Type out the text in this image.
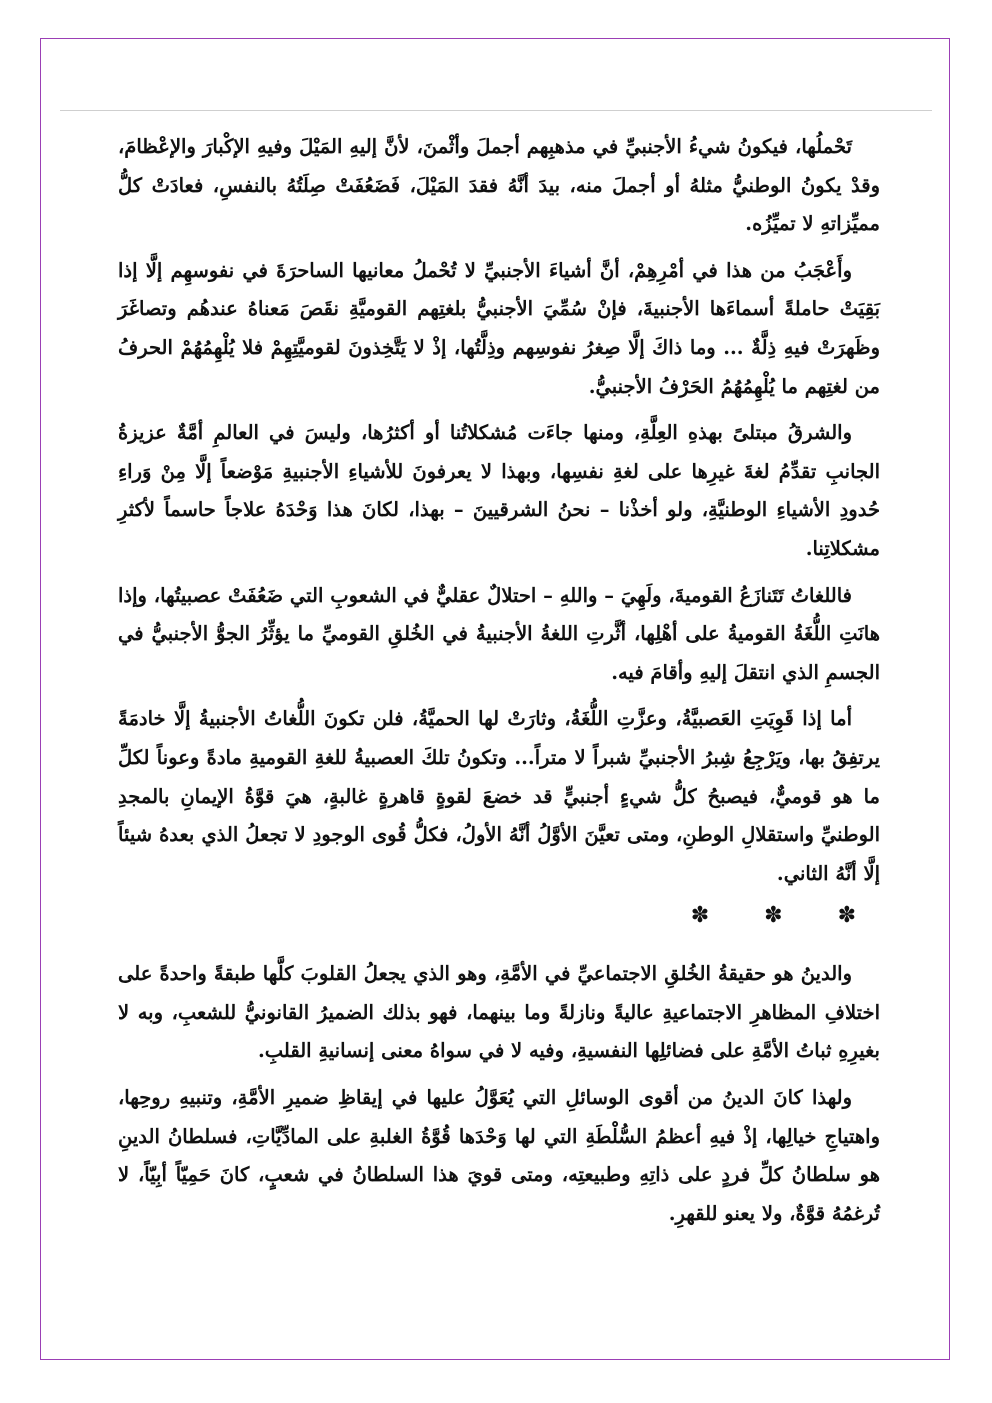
تَحْملُها، فيكونُ شيءُ الأجنبيِّ في مذهبِهم أجملَ وأثْمنَ، لأنَّ إليهِ المَيْلَ وفيهِ الإكْبارَ والإعْظامَ، وقدْ يكونُ الوطنيُّ مثلهُ أو أجملَ منه، بيدَ أنَّهُ فقدَ المَيْلَ، فَضَعُفَتْ صِلَتُهُ بالنفسِ، فعادَتْ كلُّ مميِّزاتهِ لا تميِّزُه.

وأَعْجَبُ من هذا في أمْرِهِمْ، أنَّ أشياءَ الأجنبيِّ لا تُحْملُ معانيها الساحرَةَ في نفوسهِم إلَّا إذا بَقِيَتْ حاملةً أسماءَها الأجنبيةَ، فإنْ سُمِّيَ الأجنبيُّ بلغتِهم القوميَّةِ نقَصَ مَعناهُ عندهُم وتصاغَرَ وظَهرَتْ فيهِ ذِلَّةٌ ... وما ذاكَ إلَّا صِغرُ نفوسِهم وذِلَّتُها، إذْ لا يَتَّخِذونَ لقوميَّتِهِمْ فلا يُلْهِمُهُمْ الحرفُ من لغتِهم ما يُلْهِمُهُمُ الحَرْفُ الأجنبيُّ.

والشرقُ مبتلىً بهذهِ العِلَّةِ، ومنها جاءَت مُشكلاتُنا أو أكثرُها، وليسَ في العالمِ أمَّةٌ عزيزةُ الجانبِ تقدِّمُ لغةَ غيرِها على لغةِ نفسِها، وبهذا لا يعرفونَ للأشياءِ الأجنبيةِ مَوْضعاً إلَّا مِنْ وَراءِ حُدودِ الأشياءِ الوطنيَّةِ، ولو أخذْنا – نحنُ الشرقيينَ – بهذا، لكانَ هذا وَحْدَهُ علاجاً حاسماً لأكثرِ مشكلاتِنا.

فاللغاتُ تَتَنازَعُ القوميةَ، ولَهِيَ – واللهِ – احتلالٌ عقليٌّ في الشعوبِ التي ضَعُفَتْ عصبيتُها، وإذا هانَتِ اللُّغَةُ القوميةُ على أهْلِها، أثَّرتِ اللغةُ الأجنبيةُ في الخُلقِ القوميِّ ما يؤثِّرُ الجوُّ الأجنبيُّ في الجسمِ الذي انتقلَ إليهِ وأقامَ فيه.

أما إذا قَوِيَتِ العَصبيَّةُ، وعزَّتِ اللُّغَةُ، وثارَتْ لها الحميَّةُ، فلن تكونَ اللُّغاتُ الأجنبيةُ إلَّا خادمَةً يرتفِقُ بها، ويَرْجِعُ شِبرُ الأجنبيِّ شبراً لا متراً... وتكونُ تلكَ العصبيةُ للغةِ القوميةِ مادةً وعوناً لكلِّ ما هو قوميٌّ، فيصبحُ كلُّ شيءٍ أجنبيٍّ قد خضعَ لقوةٍ قاهرةٍ غالبةٍ، هيَ قوَّةُ الإيمانِ بالمجدِ الوطنيِّ واستقلالِ الوطنِ، ومتى تعيَّنَ الأوَّلُ أنَّهُ الأولُ، فكلُّ قُوى الوجودِ لا تجعلُ الذي بعدهُ شيئاً إلَّا أنَّهُ الثاني.

✽	✽	✽

والدينُ هو حقيقةُ الخُلقِ الاجتماعيِّ في الأمَّةِ، وهو الذي يجعلُ القلوبَ كلَّها طبقةً واحدةً على اختلافِ المظاهرِ الاجتماعيةِ عاليةً ونازلةً وما بينهما، فهو بذلك الضميرُ القانونيُّ للشعبِ، وبه لا بغيرِهِ ثباتُ الأمَّةِ على فضائلِها النفسيةِ، وفيه لا في سواهُ معنى إنسانيةِ القلبِ.

ولهذا كانَ الدينُ من أقوى الوسائلِ التي يُعَوَّلُ عليها في إيقاظِ ضميرِ الأمَّةِ، وتنبيهِ روحِها، واهتياجِ خيالِها، إذْ فيهِ أعظمُ السُّلْطَةِ التي لها وَحْدَها قُوَّةُ الغلبةِ على المادِّيَّاتِ، فسلطانُ الدينِ هو سلطانُ كلِّ فردٍ على ذاتِهِ وطبيعتِه، ومتى قويَ هذا السلطانُ في شعبٍ، كانَ حَمِيّاً أبِيّاً، لا تُرغمُهُ قوَّةٌ، ولا يعنو للقهرِ.
